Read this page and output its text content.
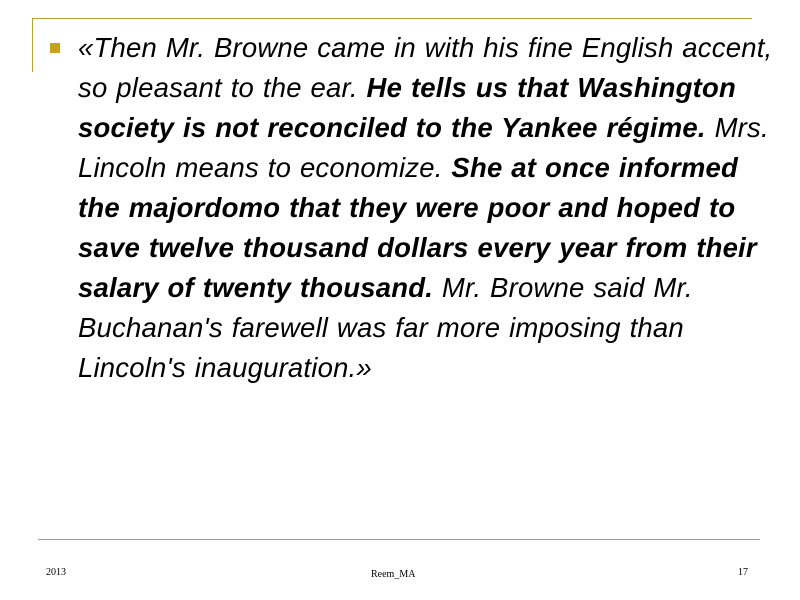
«Then Mr. Browne came in with his fine English accent, so pleasant to the ear. He tells us that Washington society is not reconciled to the Yankee régime. Mrs. Lincoln means to economize. She at once informed the majordomo that they were poor and hoped to save twelve thousand dollars every year from their salary of twenty thousand. Mr. Browne said Mr. Buchanan's farewell was far more imposing than Lincoln's inauguration.»

2013	Reem_MA	17
